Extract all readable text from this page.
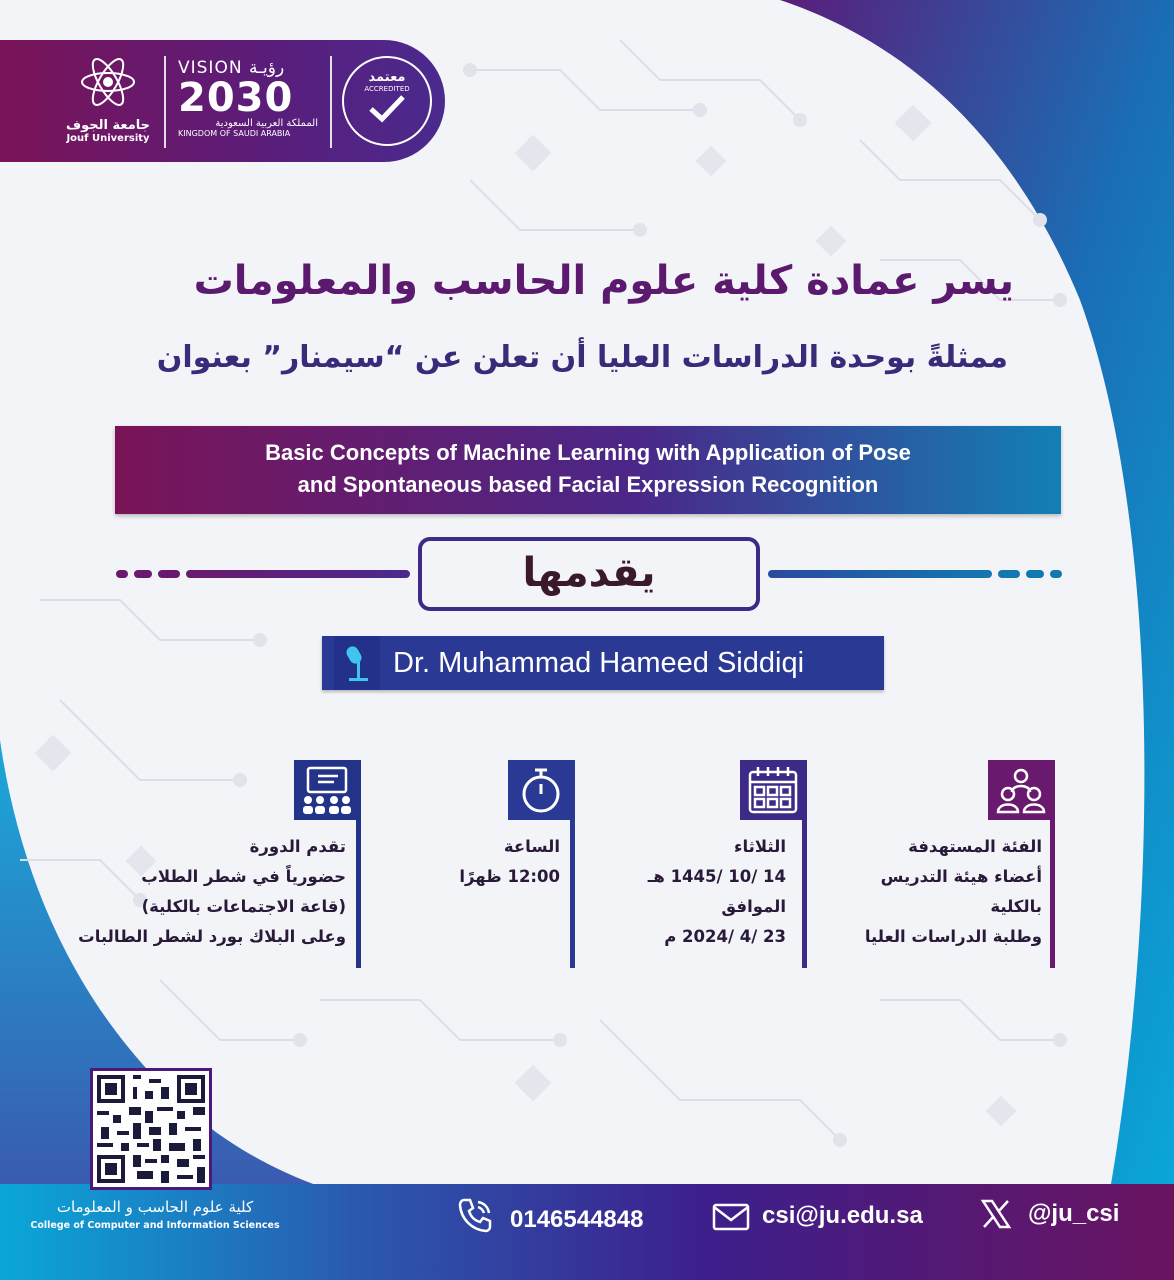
جامعة الجوف
Jouf University
VISION رؤيـة
2030
المملكة العربية السعودية
KINGDOM OF SAUDI ARABIA
معتمد
ACCREDITED
يسر عمادة كلية علوم الحاسب والمعلومات
ممثلةً بوحدة الدراسات العليا أن تعلن عن “سيمنار” بعنوان
Basic Concepts of Machine Learning with Application of Pose
and Spontaneous based Facial Expression Recognition
يقدمها
Dr. Muhammad Hameed Siddiqi
الفئة المستهدفة
أعضاء هيئة التدريس
بالكلية
وطلبة الدراسات العليا
الثلاثاء
14 /10 /1445 هـ
الموافق
23 /4 /2024 م
الساعة
12:00 ظهرًا
تقدم الدورة
حضورياً في شطر الطلاب
(قاعة الاجتماعات بالكلية)
وعلى البلاك بورد لشطر الطالبات
كلية علوم الحاسب و المعلومات
College of Computer and Information Sciences	0146544848	csi@ju.edu.sa	@ju_csi
